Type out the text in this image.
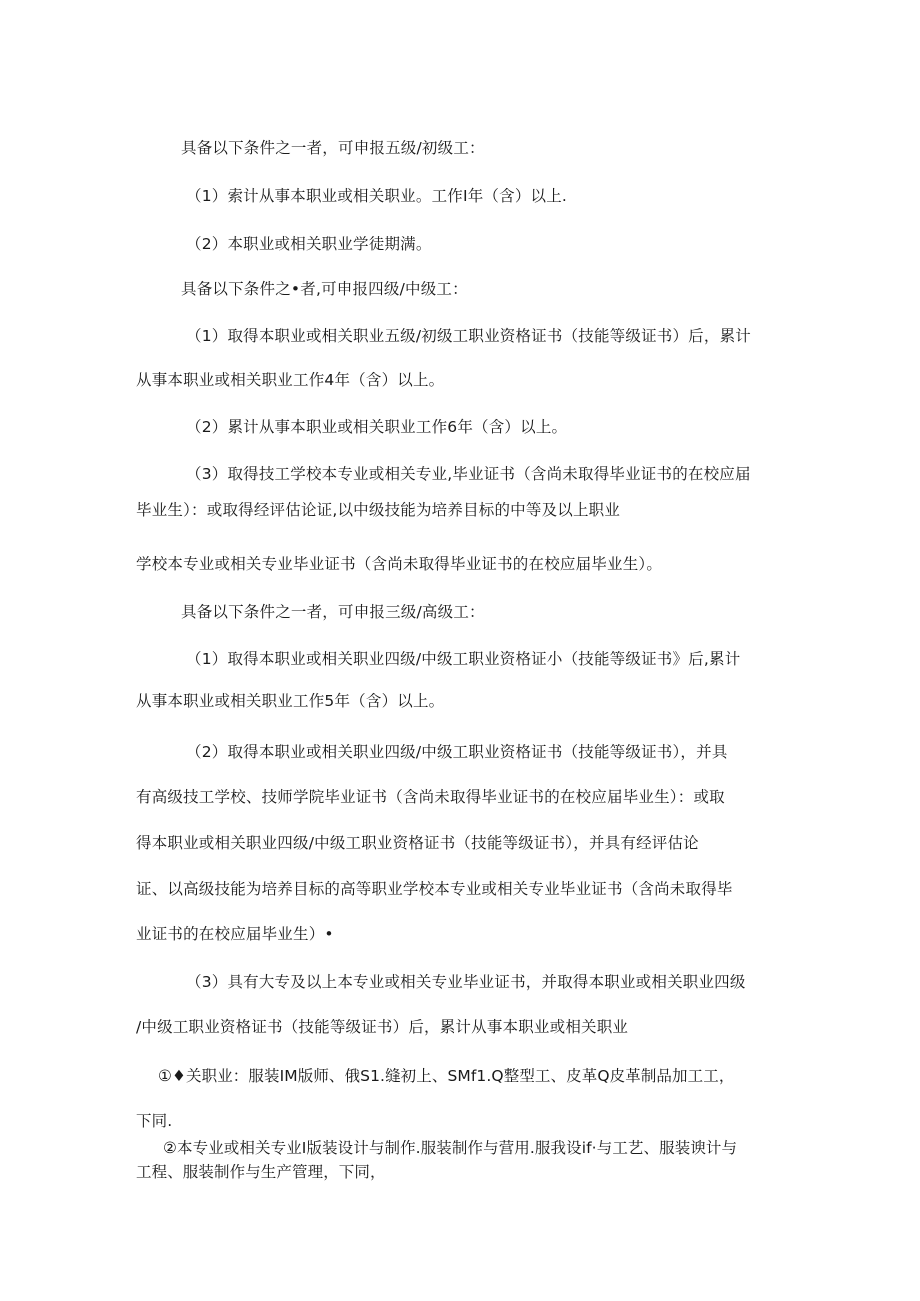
具备以下条件之一者，可申报五级/初级工：
（1）索计从事本职业或相关职业。工作I年（含）以上.
（2）本职业或相关职业学徒期满。
具备以下条件之•者,可申报四级/中级工：
（1）取得本职业或相关职业五级/初级工职业资格证书（技能等级证书）后，累计
从事本职业或相关职业工作4年（含）以上。
（2）累计从事本职业或相关职业工作6年（含）以上。
（3）取得技工学校本专业或相关专业,毕业证书（含尚未取得毕业证书的在校应届
毕业生）：或取得经评估论证,以中级技能为培养目标的中等及以上职业
学校本专业或相关专业毕业证书（含尚未取得毕业证书的在校应届毕业生）。
具备以下条件之一者，可申报三级/高级工：
（1）取得本职业或相关职业四级/中级工职业资格证小（技能等级证书》后,累计
从事本职业或相关职业工作5年（含）以上。
（2）取得本职业或相关职业四级/中级工职业资格证书（技能等级证书），并具
有高级技工学校、技师学院毕业证书（含尚未取得毕业证书的在校应届毕业生）：或取
得本职业或相关职业四级/中级工职业资格证书（技能等级证书），并具有经评估论
证、以高级技能为培养目标的高等职业学校本专业或相关专业毕业证书（含尚未取得毕
业证书的在校应届毕业生）•
（3）具有大专及以上本专业或相关专业毕业证书，并取得本职业或相关职业四级
/中级工职业资格证书（技能等级证书）后，累计从事本职业或相关职业
①♦关职业：服装IM版师、俄S1.缝初上、SMf1.Q整型工、皮革Q皮革制品加工工，
下同.
②本专业或相关专业I版装设计与制作.服装制作与营用.服我设if·与工艺、服装谀计与
工程、服装制作与生产管理，下同，
